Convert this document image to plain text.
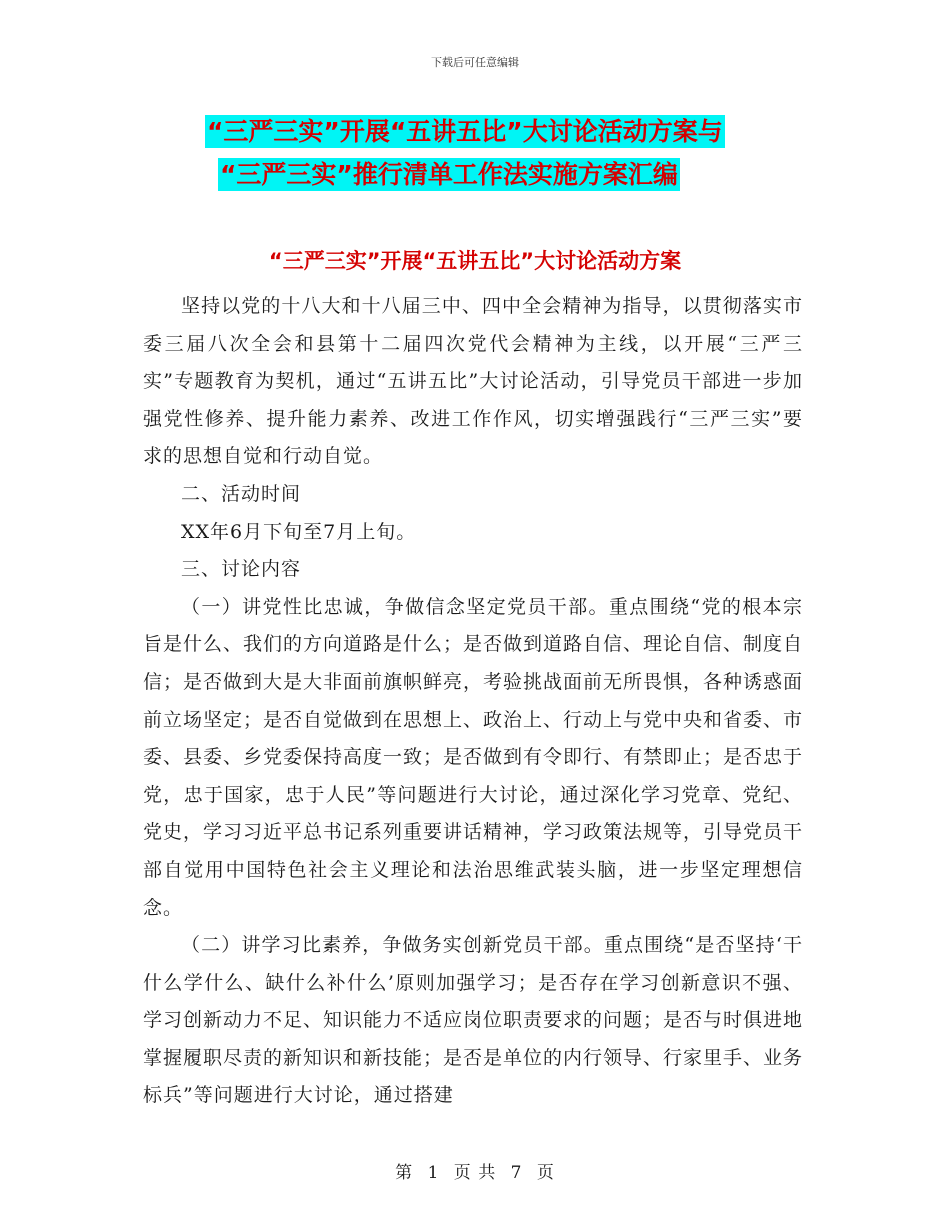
下载后可任意编辑
“三严三实”开展“五讲五比”大讨论活动方案与
“三严三实”推行清单工作法实施方案汇编
“三严三实”开展“五讲五比”大讨论活动方案

坚持以党的十八大和十八届三中、四中全会精神为指导，以贯彻落实市委三届八次全会和县第十二届四次党代会精神为主线，以开展“三严三实”专题教育为契机，通过“五讲五比”大讨论活动，引导党员干部进一步加强党性修养、提升能力素养、改进工作作风，切实增强践行“三严三实”要求的思想自觉和行动自觉。

二、活动时间

XX年6月下旬至7月上旬。

三、讨论内容

（一）讲党性比忠诚，争做信念坚定党员干部。重点围绕“党的根本宗旨是什么、我们的方向道路是什么；是否做到道路自信、理论自信、制度自信；是否做到大是大非面前旗帜鲜亮，考验挑战面前无所畏惧，各种诱惑面前立场坚定；是否自觉做到在思想上、政治上、行动上与党中央和省委、市委、县委、乡党委保持高度一致；是否做到有令即行、有禁即止；是否忠于党，忠于国家，忠于人民”等问题进行大讨论，通过深化学习党章、党纪、党史，学习习近平总书记系列重要讲话精神，学习政策法规等，引导党员干部自觉用中国特色社会主义理论和法治思维武装头脑，进一步坚定理想信念。

（二）讲学习比素养，争做务实创新党员干部。重点围绕“是否坚持‘干什么学什么、缺什么补什么’原则加强学习；是否存在学习创新意识不强、学习创新动力不足、知识能力不适应岗位职责要求的问题；是否与时俱进地掌握履职尽责的新知识和新技能；是否是单位的内行领导、行家里手、业务标兵”等问题进行大讨论，通过搭建

第 1 页 共 7 页
